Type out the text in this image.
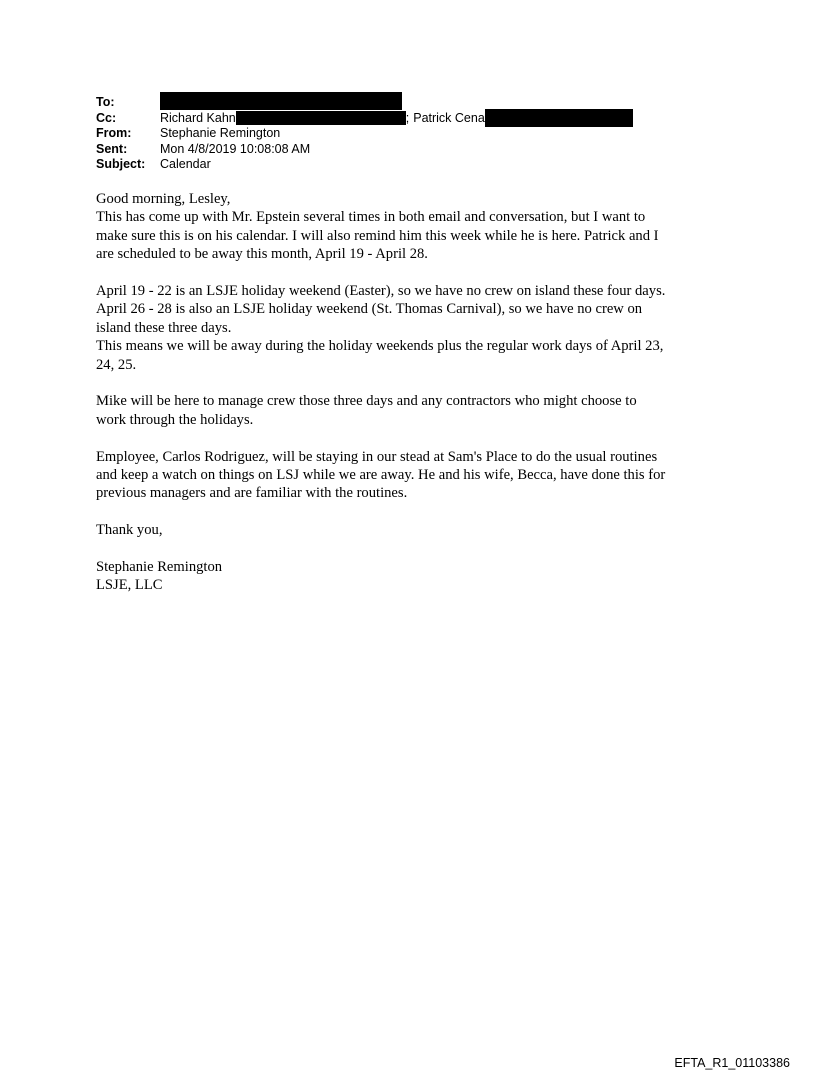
To:
Cc:	Richard Kahn	; Patrick Cena
From:	Stephanie Remington
Sent:	Mon 4/8/2019 10:08:08 AM
Subject:	Calendar

Good morning, Lesley,

This has come up with Mr. Epstein several times in both email and conversation, but I want to
make sure this is on his calendar. I will also remind him this week while he is here. Patrick and I
are scheduled to be away this month, April 19 - April 28.

April 19 - 22 is an LSJE holiday weekend (Easter), so we have no crew on island these four days.
April 26 - 28 is also an LSJE holiday weekend (St. Thomas Carnival), so we have no crew on
island these three days.
This means we will be away during the holiday weekends plus the regular work days of April 23,
24, 25.

Mike will be here to manage crew those three days and any contractors who might choose to
work through the holidays.

Employee, Carlos Rodriguez, will be staying in our stead at Sam's Place to do the usual routines
and keep a watch on things on LSJ while we are away. He and his wife, Becca, have done this for
previous managers and are familiar with the routines.

Thank you,

Stephanie Remington
LSJE, LLC

EFTA_R1_01103386
